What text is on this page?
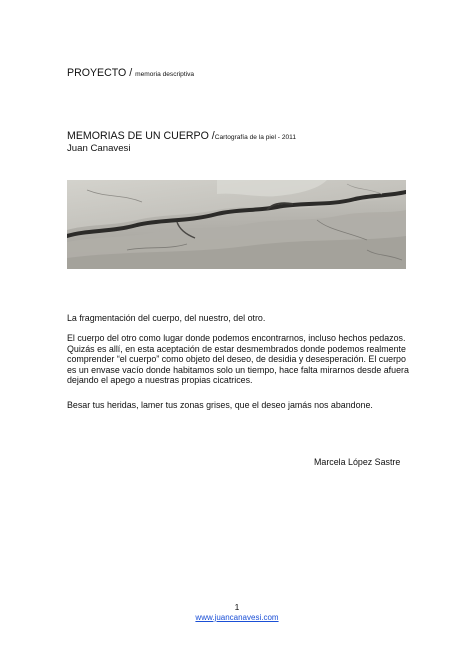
PROYECTO / memoria descriptiva
MEMORIAS DE UN CUERPO /Cartografía de la piel - 2011
Juan Canavesi

La fragmentación del cuerpo, del nuestro, del otro.

El cuerpo del otro como lugar donde podemos encontrarnos, incluso hechos pedazos. Quizás es allí, en esta aceptación de estar desmembrados donde podemos realmente comprender “el cuerpo” como objeto del deseo, de desidia y desesperación. El cuerpo es un envase vacío donde habitamos solo un tiempo, hace falta mirarnos desde afuera dejando el apego a nuestras propias cicatrices.

Besar tus heridas, lamer tus zonas grises, que el deseo jamás nos abandone.

Marcela López Sastre
1
www.juancanavesi.com
